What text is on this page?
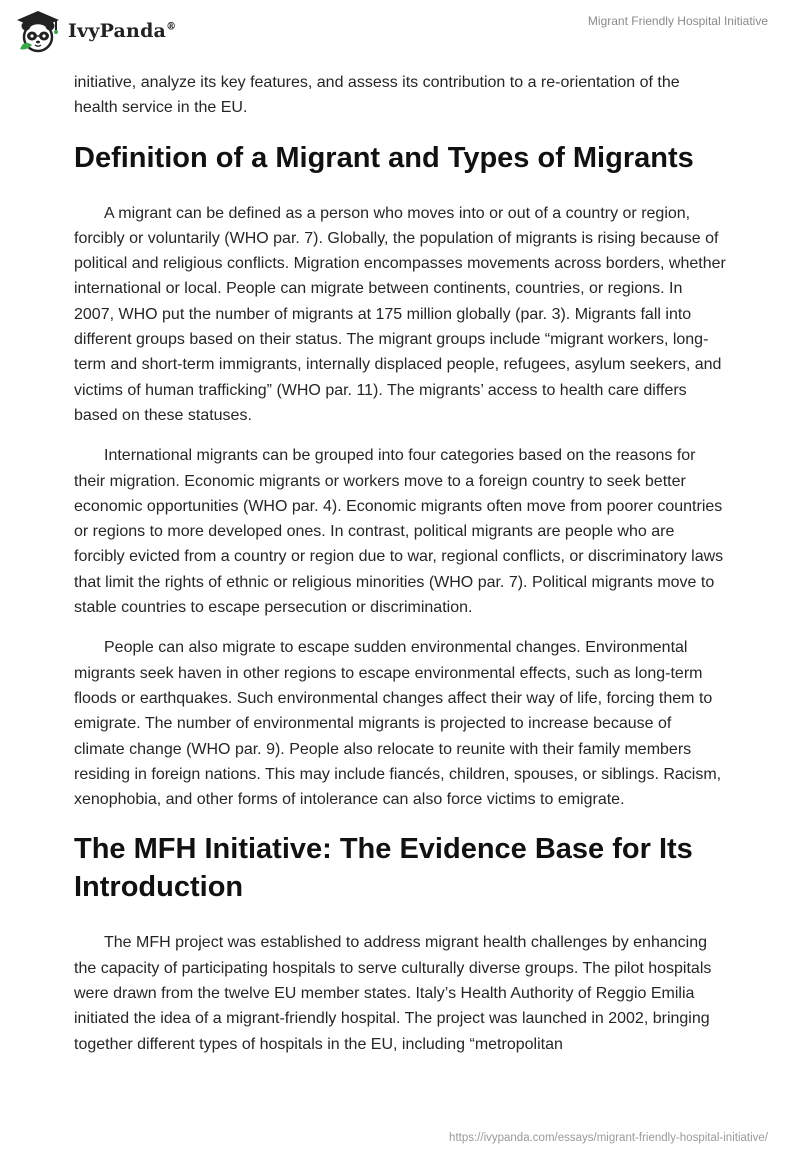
IvyPanda®	Migrant Friendly Hospital Initiative

initiative, analyze its key features, and assess its contribution to a re-orientation of the health service in the EU.

Definition of a Migrant and Types of Migrants

A migrant can be defined as a person who moves into or out of a country or region, forcibly or voluntarily (WHO par. 7). Globally, the population of migrants is rising because of political and religious conflicts. Migration encompasses movements across borders, whether international or local. People can migrate between continents, countries, or regions. In 2007, WHO put the number of migrants at 175 million globally (par. 3). Migrants fall into different groups based on their status. The migrant groups include “migrant workers, long-term and short-term immigrants, internally displaced people, refugees, asylum seekers, and victims of human trafficking” (WHO par. 11). The migrants’ access to health care differs based on these statuses.

International migrants can be grouped into four categories based on the reasons for their migration. Economic migrants or workers move to a foreign country to seek better economic opportunities (WHO par. 4). Economic migrants often move from poorer countries or regions to more developed ones. In contrast, political migrants are people who are forcibly evicted from a country or region due to war, regional conflicts, or discriminatory laws that limit the rights of ethnic or religious minorities (WHO par. 7). Political migrants move to stable countries to escape persecution or discrimination.

People can also migrate to escape sudden environmental changes. Environmental migrants seek haven in other regions to escape environmental effects, such as long-term floods or earthquakes. Such environmental changes affect their way of life, forcing them to emigrate. The number of environmental migrants is projected to increase because of climate change (WHO par. 9). People also relocate to reunite with their family members residing in foreign nations. This may include fiancés, children, spouses, or siblings. Racism, xenophobia, and other forms of intolerance can also force victims to emigrate.

The MFH Initiative: The Evidence Base for Its Introduction

The MFH project was established to address migrant health challenges by enhancing the capacity of participating hospitals to serve culturally diverse groups. The pilot hospitals were drawn from the twelve EU member states. Italy’s Health Authority of Reggio Emilia initiated the idea of a migrant-friendly hospital. The project was launched in 2002, bringing together different types of hospitals in the EU, including “metropolitan

https://ivypanda.com/essays/migrant-friendly-hospital-initiative/
